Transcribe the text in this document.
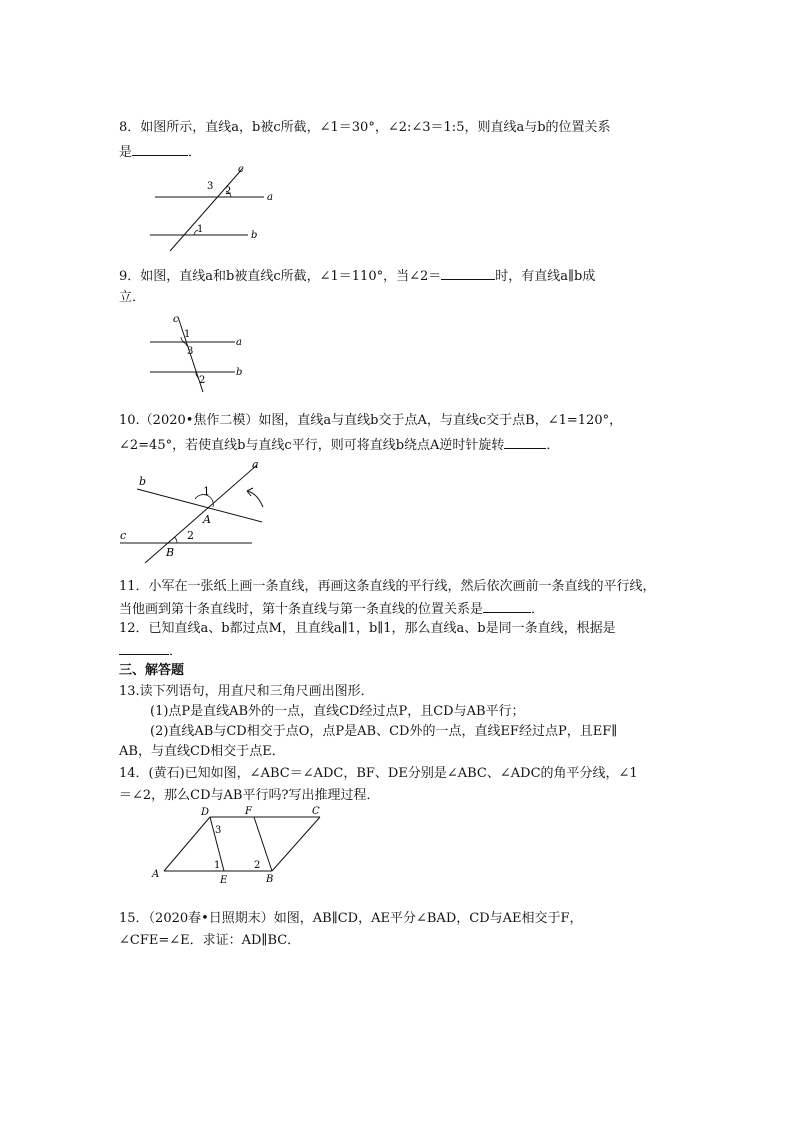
8．如图所示，直线a，b被c所截，∠1＝30°，∠2:∠3＝1:5，则直线a与b的位置关系
是	．
c
a
b
3 2
1
9．如图，直线a和b被直线c所截，∠1＝110°，当∠2＝	时，有直线a∥b成
立．
c
a
b
1
3
2
10.（2020•焦作二模）如图，直线a与直线b交于点A，与直线c交于点B，∠1=120°，
∠2=45°，若使直线b与直线c平行，则可将直线b绕点A逆时针旋转	．
a
b
c
A
B
1
2
11．小军在一张纸上画一条直线，再画这条直线的平行线，然后依次画前一条直线的平行线，
当他画到第十条直线时，第十条直线与第一条直线的位置关系是	．
12．已知直线a、b都过点M，且直线a∥1，b∥1，那么直线a、b是同一条直线，根据是
．
三、解答题
13.读下列语句，用直尺和三角尺画出图形．
(1)点P是直线AB外的一点，直线CD经过点P，且CD与AB平行；
(2)直线AB与CD相交于点O，点P是AB、CD外的一点，直线EF经过点P，且EF∥
AB，与直线CD相交于点E．
14．(黄石)已知如图，∠ABC＝∠ADC，BF、DE分别是∠ABC、∠ADC的角平分线，∠1
＝∠2，那么CD与AB平行吗?写出推理过程．
A	B
C
D
E
F
3
1	2
15．（2020春•日照期末）如图，AB∥CD，AE平分∠BAD，CD与AE相交于F，
∠CFE=∠E．求证：AD∥BC．
